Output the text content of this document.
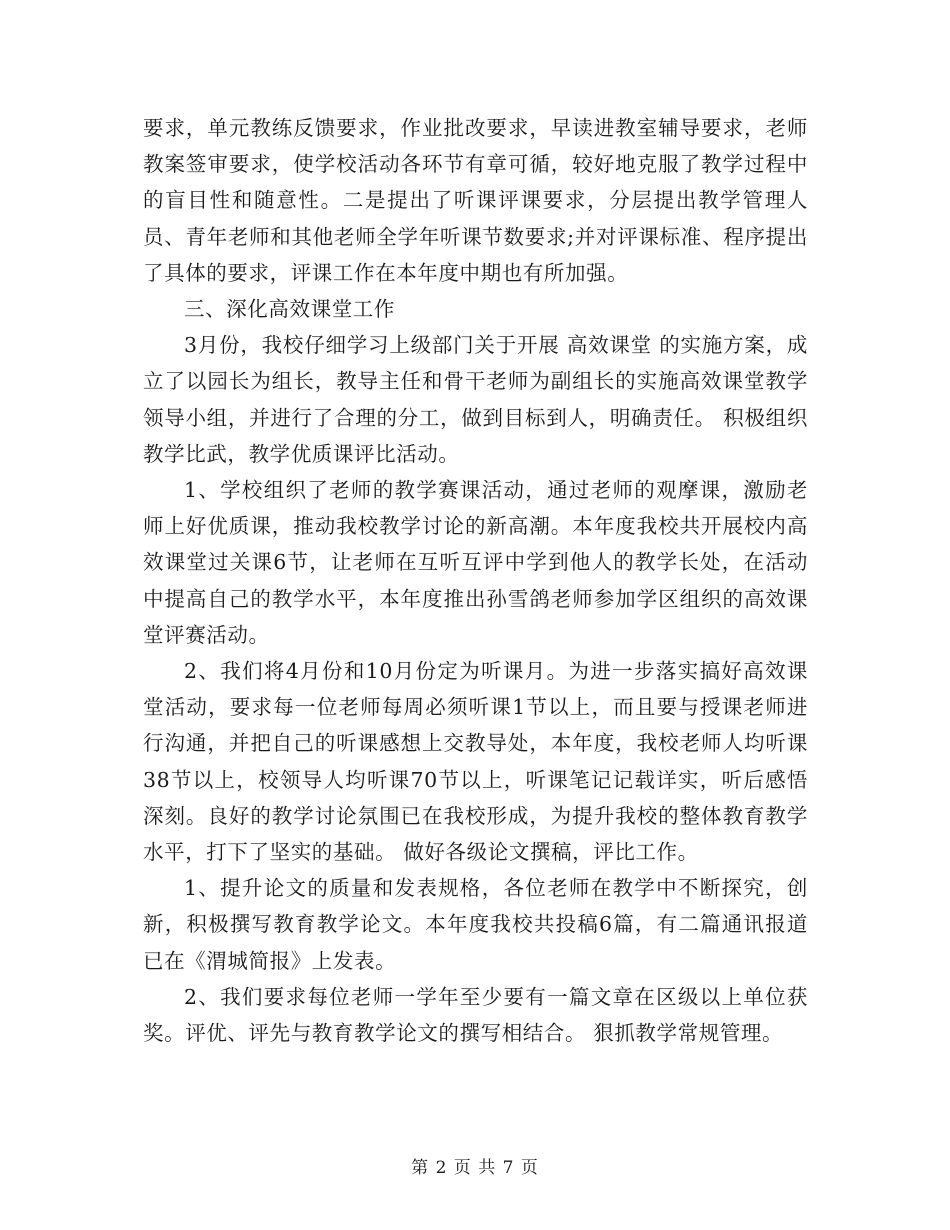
要求，单元教练反馈要求，作业批改要求，早读进教室辅导要求，老师教案签审要求，使学校活动各环节有章可循，较好地克服了教学过程中的盲目性和随意性。二是提出了听课评课要求，分层提出教学管理人员、青年老师和其他老师全学年听课节数要求;并对评课标准、程序提出了具体的要求，评课工作在本年度中期也有所加强。

三、深化高效课堂工作

3月份，我校仔细学习上级部门关于开展 高效课堂 的实施方案，成立了以园长为组长，教导主任和骨干老师为副组长的实施高效课堂教学领导小组，并进行了合理的分工，做到目标到人，明确责任。 积极组织教学比武，教学优质课评比活动。

1、学校组织了老师的教学赛课活动，通过老师的观摩课，激励老师上好优质课，推动我校教学讨论的新高潮。本年度我校共开展校内高效课堂过关课6节，让老师在互听互评中学到他人的教学长处，在活动中提高自己的教学水平，本年度推出孙雪鸽老师参加学区组织的高效课堂评赛活动。

2、我们将4月份和10月份定为听课月。为进一步落实搞好高效课堂活动，要求每一位老师每周必须听课1节以上，而且要与授课老师进行沟通，并把自己的听课感想上交教导处，本年度，我校老师人均听课38节以上，校领导人均听课70节以上，听课笔记记载详实，听后感悟深刻。良好的教学讨论氛围已在我校形成，为提升我校的整体教育教学水平，打下了坚实的基础。 做好各级论文撰稿，评比工作。

1、提升论文的质量和发表规格，各位老师在教学中不断探究，创新，积极撰写教育教学论文。本年度我校共投稿6篇，有二篇通讯报道已在《渭城简报》上发表。

2、我们要求每位老师一学年至少要有一篇文章在区级以上单位获奖。评优、评先与教育教学论文的撰写相结合。 狠抓教学常规管理。

第 2 页 共 7 页
